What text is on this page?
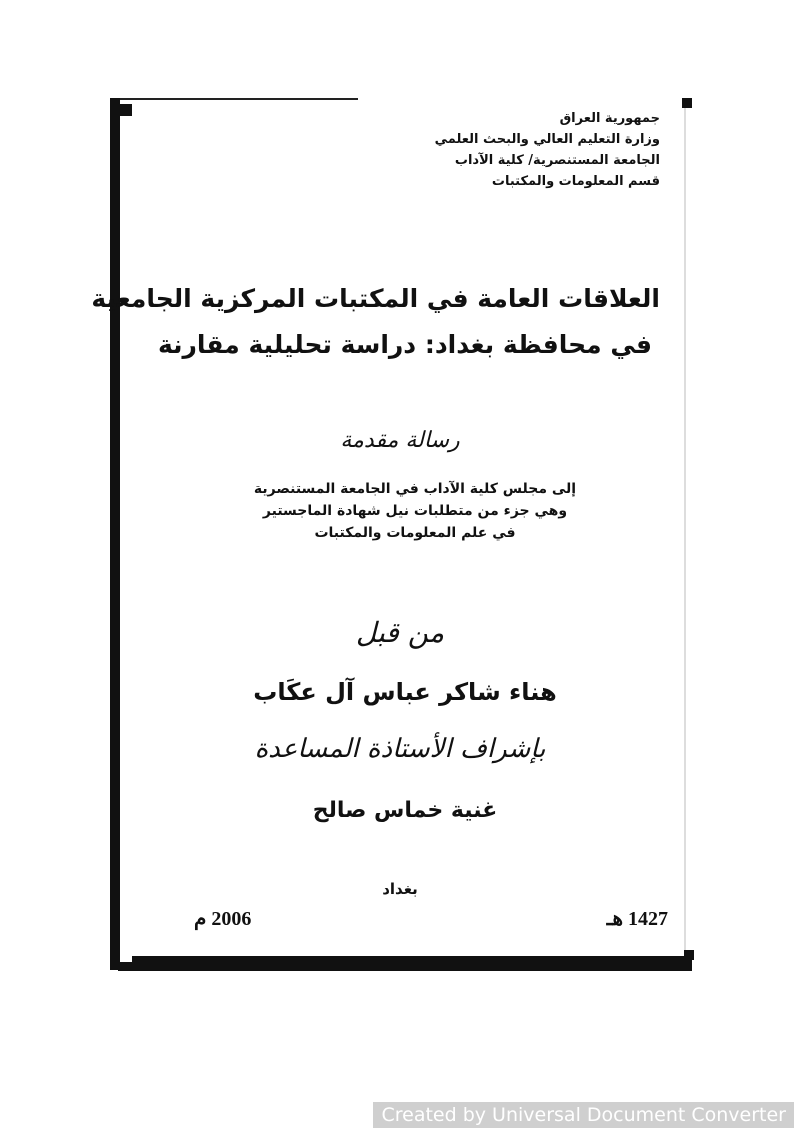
جمهورية العراق
وزارة التعليم العالي والبحث العلمي
الجامعة المستنصرية/ كلية الآداب
قسم المعلومات والمكتبات
العلاقات العامة في المكتبات المركزية الجامعية
في محافظة بغداد: دراسة تحليلية مقارنة
رسالة مقدمة
إلى مجلس كلية الآداب في الجامعة المستنصرية
وهي جزء من متطلبات نيل شهادة الماجستير
في علم المعلومات والمكتبات
من قبل
هناء شاكر عباس آل عكَاب
بإشراف الأستاذة المساعدة
غنية خماس صالح
بغداد
1427 هـ
2006 م
Created by Universal Document Converter
